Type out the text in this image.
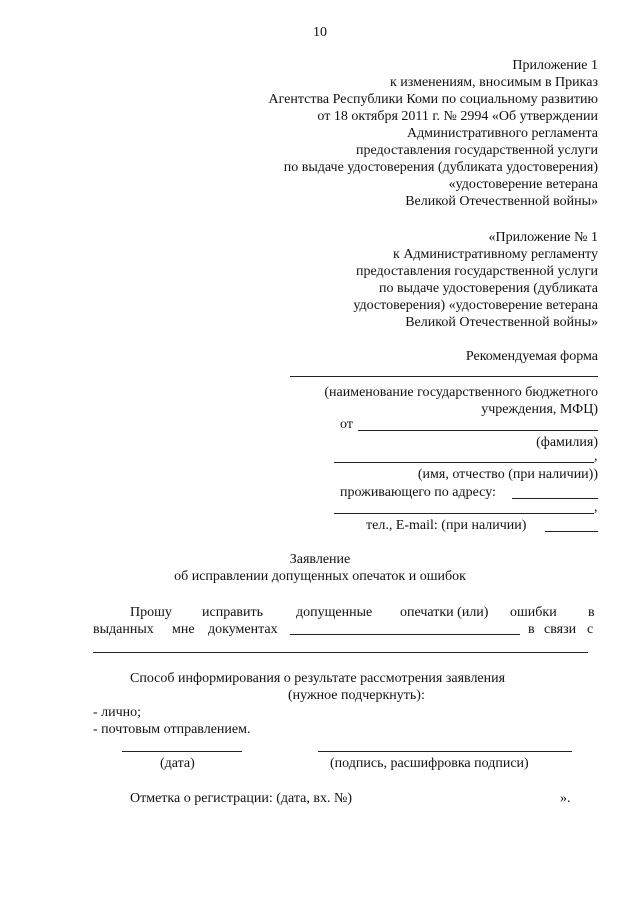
10
Приложение 1
к изменениям, вносимым в Приказ
Агентства Республики Коми по социальному развитию
от 18 октября 2011 г. № 2994 «Об утверждении
Административного регламента
предоставления государственной услуги
по выдаче удостоверения (дубликата удостоверения)
«удостоверение ветерана
Великой Отечественной войны»
«Приложение № 1
к Административному регламенту
предоставления государственной услуги
по выдаче удостоверения (дубликата
удостоверения) «удостоверение ветерана
Великой Отечественной войны»
Рекомендуемая форма
(наименование государственного бюджетного
учреждения, МФЦ)
от
(фамилия)
,
(имя, отчество (при наличии))
проживающего по адресу:
,
тел., E-mail: (при наличии)
Заявление
об исправлении допущенных опечаток и ошибок
Прошу исправить допущенные опечатки (или) ошибки в
выданных мне документах	в связи с
Способ информирования о результате рассмотрения заявления
(нужное подчеркнуть):
- лично;
- почтовым отправлением.
(дата)	(подпись, расшифровка подписи)
Отметка о регистрации: (дата, вх. №)	».
